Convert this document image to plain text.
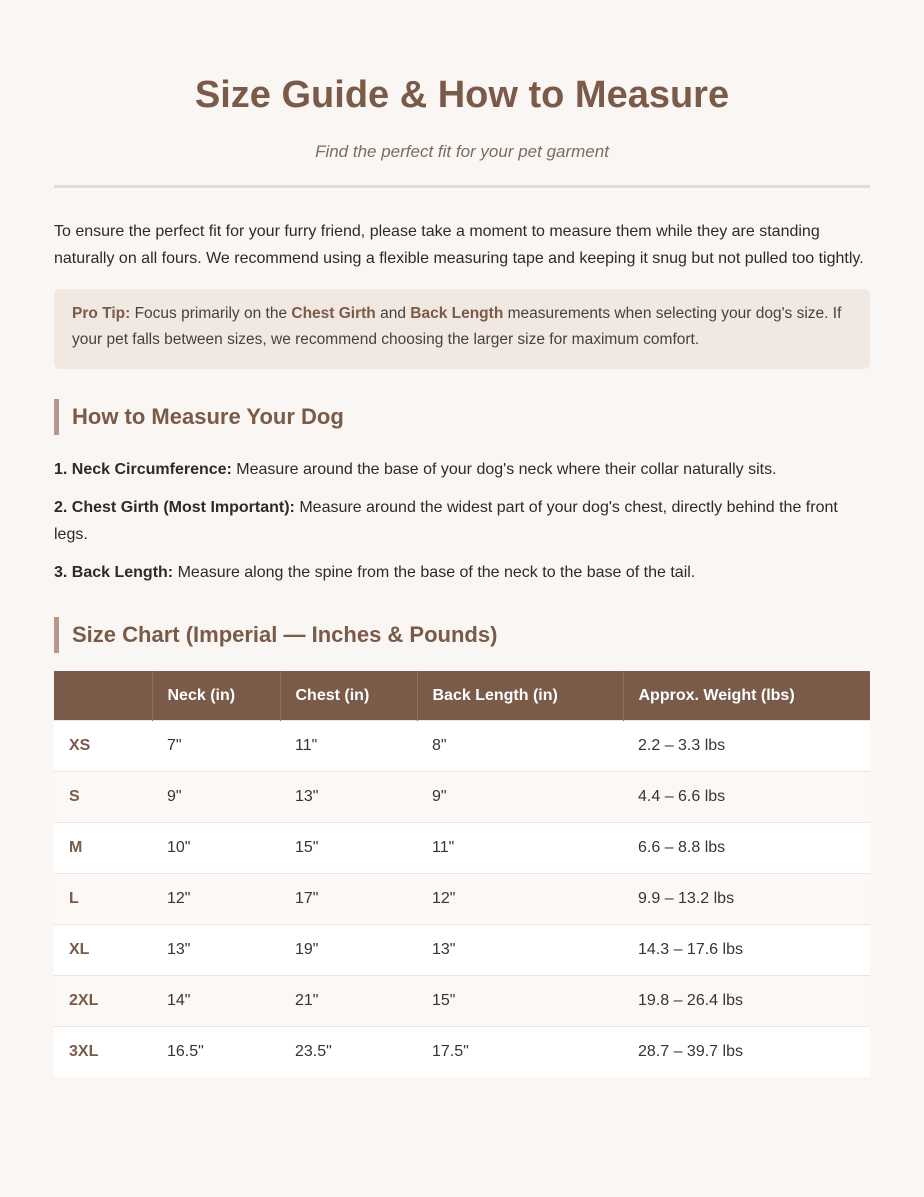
Size Guide & How to Measure
Find the perfect fit for your pet garment

To ensure the perfect fit for your furry friend, please take a moment to measure them while they are standing naturally on all fours. We recommend using a flexible measuring tape and keeping it snug but not pulled too tightly.

Pro Tip: Focus primarily on the Chest Girth and Back Length measurements when selecting your dog's size. If your pet falls between sizes, we recommend choosing the larger size for maximum comfort.
How to Measure Your Dog
1. Neck Circumference: Measure around the base of your dog's neck where their collar naturally sits.
2. Chest Girth (Most Important): Measure around the widest part of your dog's chest, directly behind the front legs.
3. Back Length: Measure along the spine from the base of the neck to the base of the tail.
Size Chart (Imperial — Inches & Pounds)
	Neck (in)	Chest (in)	Back Length (in)	Approx. Weight (lbs)
XS	7"	11"	8"	2.2 – 3.3 lbs
S	9"	13"	9"	4.4 – 6.6 lbs
M	10"	15"	11"	6.6 – 8.8 lbs
L	12"	17"	12"	9.9 – 13.2 lbs
XL	13"	19"	13"	14.3 – 17.6 lbs
2XL	14"	21"	15"	19.8 – 26.4 lbs
3XL	16.5"	23.5"	17.5"	28.7 – 39.7 lbs
